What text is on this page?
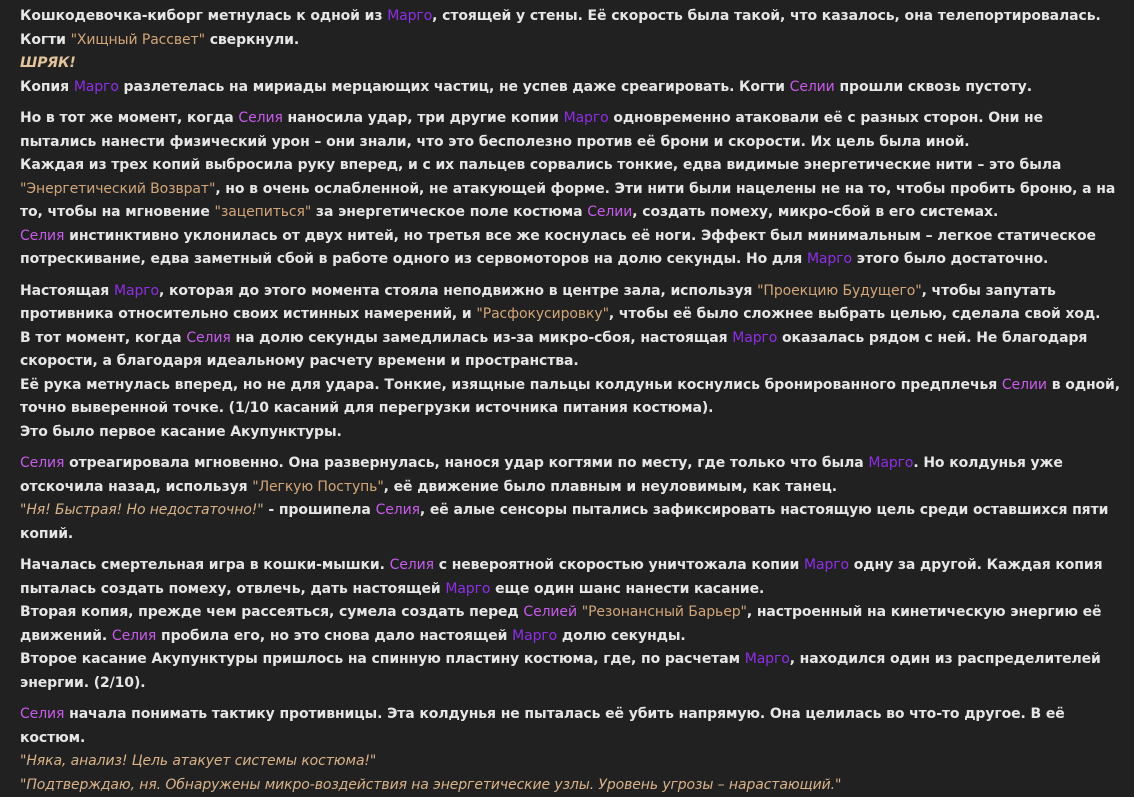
Кошкодевочка-киборг метнулась к одной из Марго, стоящей у стены. Её скорость была такой, что казалось, она телепортировалась. Когти "Хищный Рассвет" сверкнули.
ШРЯК!
Копия Марго разлетелась на мириады мерцающих частиц, не успев даже среагировать. Когти Селии прошли сквозь пустоту.
Но в тот же момент, когда Селия наносила удар, три другие копии Марго одновременно атаковали её с разных сторон. Они не пытались нанести физический урон – они знали, что это бесполезно против её брони и скорости. Их цель была иной.
Каждая из трех копий выбросила руку вперед, и с их пальцев сорвались тонкие, едва видимые энергетические нити – это была "Энергетический Возврат", но в очень ослабленной, не атакующей форме. Эти нити были нацелены не на то, чтобы пробить броню, а на то, чтобы на мгновение "зацепиться" за энергетическое поле костюма Селии, создать помеху, микро-сбой в его системах.
Селия инстинктивно уклонилась от двух нитей, но третья все же коснулась её ноги. Эффект был минимальным – легкое статическое потрескивание, едва заметный сбой в работе одного из сервомоторов на долю секунды. Но для Марго этого было достаточно.
Настоящая Марго, которая до этого момента стояла неподвижно в центре зала, используя "Проекцию Будущего", чтобы запутать противника относительно своих истинных намерений, и "Расфокусировку", чтобы её было сложнее выбрать целью, сделала свой ход.
В тот момент, когда Селия на долю секунды замедлилась из-за микро-сбоя, настоящая Марго оказалась рядом с ней. Не благодаря скорости, а благодаря идеальному расчету времени и пространства.
Её рука метнулась вперед, но не для удара. Тонкие, изящные пальцы колдуньи коснулись бронированного предплечья Селии в одной, точно выверенной точке. (1/10 касаний для перегрузки источника питания костюма).
Это было первое касание Акупунктуры.
Селия отреагировала мгновенно. Она развернулась, нанося удар когтями по месту, где только что была Марго. Но колдунья уже отскочила назад, используя "Легкую Поступь", её движение было плавным и неуловимым, как танец.
"Ня! Быстрая! Но недостаточно!" - прошипела Селия, её алые сенсоры пытались зафиксировать настоящую цель среди оставшихся пяти копий.
Началась смертельная игра в кошки-мышки. Селия с невероятной скоростью уничтожала копии Марго одну за другой. Каждая копия пыталась создать помеху, отвлечь, дать настоящей Марго еще один шанс нанести касание.
Вторая копия, прежде чем рассеяться, сумела создать перед Селией "Резонансный Барьер", настроенный на кинетическую энергию её движений. Селия пробила его, но это снова дало настоящей Марго долю секунды.
Второе касание Акупунктуры пришлось на спинную пластину костюма, где, по расчетам Марго, находился один из распределителей энергии. (2/10).
Селия начала понимать тактику противницы. Эта колдунья не пыталась её убить напрямую. Она целилась во что-то другое. В её костюм.
"Няка, анализ! Цель атакует системы костюма!"
"Подтверждаю, ня. Обнаружены микро-воздействия на энергетические узлы. Уровень угрозы – нарастающий."
